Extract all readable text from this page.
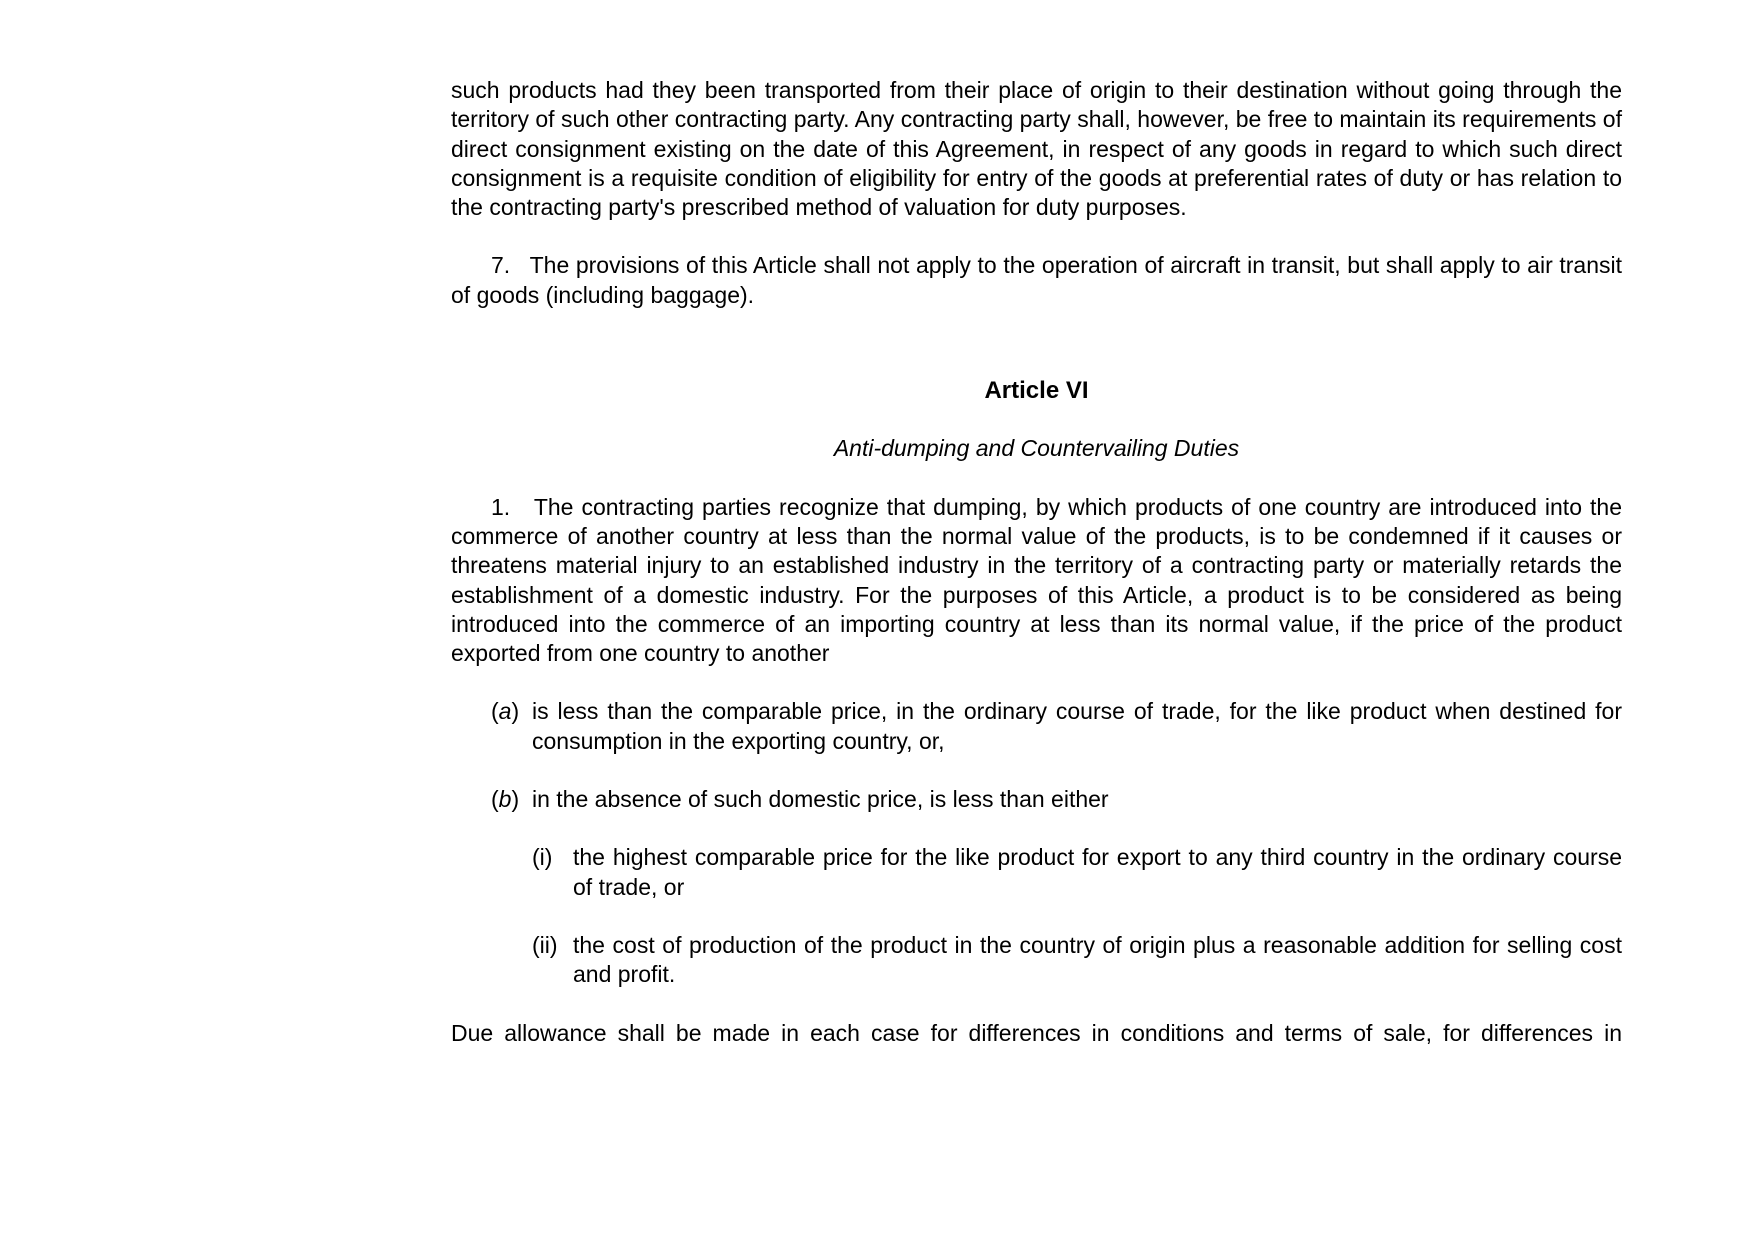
such products had they been transported from their place of origin to their destination without going through the territory of such other contracting party. Any contracting party shall, however, be free to maintain its requirements of direct consignment existing on the date of this Agreement, in respect of any goods in regard to which such direct consignment is a requisite condition of eligibility for entry of the goods at preferential rates of duty or has relation to the contracting party's prescribed method of valuation for duty purposes.

7. The provisions of this Article shall not apply to the operation of aircraft in transit, but shall apply to air transit of goods (including baggage).

Article VI

Anti-dumping and Countervailing Duties

1. The contracting parties recognize that dumping, by which products of one country are introduced into the commerce of another country at less than the normal value of the products, is to be condemned if it causes or threatens material injury to an established industry in the territory of a contracting party or materially retards the establishment of a domestic industry. For the purposes of this Article, a product is to be considered as being introduced into the commerce of an importing country at less than its normal value, if the price of the product exported from one country to another

(a) is less than the comparable price, in the ordinary course of trade, for the like product when destined for consumption in the exporting country, or,
(b) in the absence of such domestic price, is less than either
(i) the highest comparable price for the like product for export to any third country in the ordinary course of trade, or
(ii) the cost of production of the product in the country of origin plus a reasonable addition for selling cost and profit.

Due allowance shall be made in each case for differences in conditions and terms of sale, for differences in
